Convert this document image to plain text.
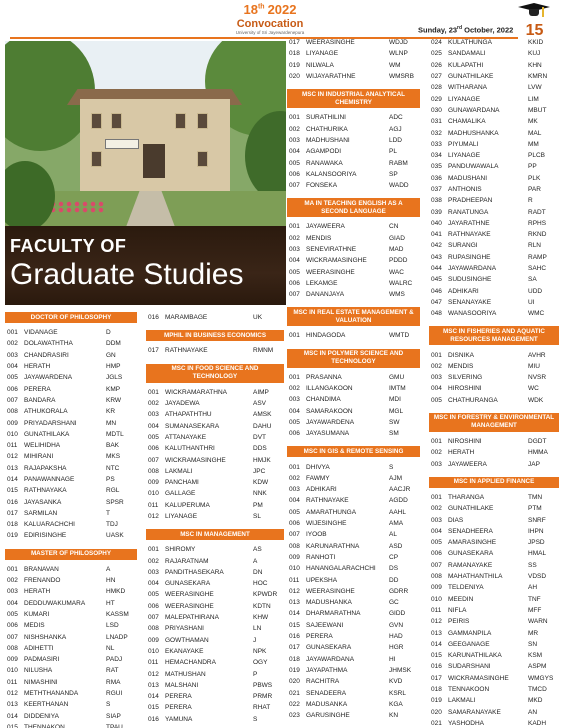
18th 2022
Convocation
University of Sri Jayewardenepura	Sunday, 23rd October, 2022 15
FACULTY OF
Graduate Studies
DOCTOR OF PHILOSOPHY
001 VIDANAGE	D
002 DOLAWATHTHA	DDM
003 CHANDRASIRI	GN
004 HERATH	HMP
005 JAYAWARDENA	JGLS
006 PERERA	KMP
007 BANDARA	KRW
008 ATHUKORALA	KR
009 PRIYADARSHANI	MN
010 GUNATHILAKA	MDTL
011	WELIHIDHA	BAK
012 MIHIRANI	MKS
013 RAJAPAKSHA	NTC
014 PANAWANNAGE	PS
015 RATHNAYAKA	RGL
016 JAYASANKA	SPSR
017 SARMILAN	T
018 KALUARACHCHI	TDJ
019 EDIRISINGHE	UASK
MASTER OF PHILOSOPHY
001 BRANAVAN	A
002 FRENANDO	HN
003 HERATH	HMKD
004 DEDDUWAKUMARA	HT
005 KUMARI	KASSM
006 MEDIS	LSD
007 NISHSHANKA	LNADP
008 ADIHETTI	NL
009 PADMASIRI	PADJ
010 NILUSHA	RAT
011	NIMASHINI	RMA
012 METHTHANANDA	RGUI
013 KEERTHANAN	S
014 DIDDENIYA	SIAP
015 THENNAKON	TPAU
016 MARAMBAGE	UK
MPHIL IN BUSINESS ECONOMICS
017 RATHNAYAKE	RMNM
MSC IN FOOD SCIENCE AND TECHNOLOGY
001 WICKRAMARATHNA	AIMP
002 JAYADEWA	ASV
003 ATHAPATHTHU	AMSK
004 SUMANASEKARA	DAHU
005 ATTANAYAKE	DVT
006 KALUTHANTHRI	DDS
007 WICKRAMASINGHE	HMJK
008 LAKMALI	JPC
009 PANCHAMI	KDW
010 GALLAGE	NNK
011	KALUPERUMA	PM
012 LIYANAGE	SL
MSC IN MANAGEMENT
001 SHIROMY	AS
002 RAJARATNAM	A
003 PANDITHASEKARA	DN
004 GUNASEKARA	HOC
005 WEERASINGHE	KPWDR
006 WEERASINGHE	KDTN
007 MALEPATHIRANA	KHW
008 PRIYASHANI	LN
009 GOWTHAMAN	J
010 EKANAYAKE	NPK
011	HEMACHANDRA	OGY
012 MATHUSHAN	P
013 MALSHANI	PBWS
014 PERERA	PRMR
015 PERERA	RHAT
016 YAMUNA	S
017 WEERASINGHE	WDJD
018 LIYANAGE	WLNP
019 NILWALA	WM
020 WIJAYARATHNE	WMSRB
MSC IN INDUSTRIAL ANALYTICAL CHEMISTRY
001 SURATHILINI	ADC
002 CHATHURIKA	AGJ
003 MADHUSHANI	LDD
004 AGAMPODI	PL
005 RANAWAKA	RABM
006 KALANSOORIYA	SP
007 FONSEKA	WADD
MA IN TEACHING ENGLISH AS A SECOND LANGUAGE
001 JAYAWEERA	CN
002 MENDIS	GIAD
003 SENEVIRATHNE	MAD
004 WICKRAMASINGHE	PDDD
005 WEERASINGHE	WAC
006 LEKAMGE	WALRC
007 DANANJAYA	WMS
MSC IN REAL ESTATE MANAGEMENT & VALUATION
001 HINDAGODA	WMTD
MSC IN POLYMER SCIENCE AND TECHNOLOGY
001 PRASANNA	GMU
002 ILLANGAKOON	IMTM
003 CHANDIMA	MDI
004 SAMARAKOON	MGL
005 JAYAWARDENA	SW
006 JAYASUMANA	SM
MSC IN GIS & REMOTE SENSING
001 DHIVYA	S
002 FAWMY	AJM
003 ADHIKARI	AACJR
004 RATHNAYAKE	AGDD
005 AMARATHUNGA	AAHL
006 WIJESINGHE	AMA
007 IYOOB	AL
008 KARUNARATHNA	ASD
009 RANHOTI	CP
010 HANANGALARACHCHI	DS
011	UPEKSHA	DD
012 WEERASINGHE	GDRR
013 MADUSHANKA	GC
014 DHARMARATHNA	GIDD
015 SAJEEWANI	GVN
016 PERERA	HAD
017 GUNASEKARA	HGR
018 JAYAWARDANA	HI
019 JAYAPATHMA	JHMSK
020 RACHITRA	KVD
021 SENADEERA	KSRL
022 MADUSANKA	KGA
023 GARUSINGHE	KN
024 KULATHUNGA	KKID
025 SANDAMALI	KUJ
026 KULAPATHI	KHN
027 GUNATHILAKE	KMRN
028 WITHARANA	LVW
029 LIYANAGE	LIM
030 GUNAWARDANA	MBUT
031 CHAMALIKA	MK
032 MADHUSHANKA	MAL
033 PIYUMALI	MM
034 LIYANAGE	PLCB
035 PANDUWAWALA	PP
036 MADUSHANI	PLK
037 ANTHONIS	PAR
038 PRADHEEPAN	R
039 RANATUNGA	RADT
040 JAYARATHNE	RPHS
041 RATHNAYAKE	RKND
042 SURANGI	RLN
043 RUPASINGHE	RAMP
044 JAYAWARDANA	SAHC
045 SUDUSINGHE	SA
046 ADHIKARI	UDD
047 SENANAYAKE	UI
048 WANASOORIYA	WMC
MSC IN FISHERIES AND AQUATIC RESOURCES MANAGEMENT
001 DISNIKA	AVHR
002 MENDIS	MIU
003 SILVERING	NVSR
004 HIROSHINI	WC
005 CHATHURANGA	WDK
MSC IN FORESTRY & ENVIRONMENTAL MANAGEMENT
001 NIROSHINI	DGDT
002 HERATH	HMMA
003 JAYAWEERA	JAP
MSC IN APPLIED FINANCE
001 THARANGA	TMN
002 GUNATHILAKE	PTM
003 DIAS	SNRF
004 SENADHEERA	IHPN
005 AMARASINGHE	JPSD
006 GUNASEKARA	HMAL
007 RAMANAYAKE	SS
008 MAHATHANTHILA	VDSD
009 TELDENIYA	AH
010 MEEDIN	TNF
011	NIFLA	MFF
012 PEIRIS	WARN
013 GAMMANPILA	MR
014 GEEGANAGE	SN
015 KARUNATHILAKA	KSM
016 SUDARSHANI	ASPM
017 WICKRAMASINGHE	WMGYS
018 TENNAKOON	TMCD
019 LAKMALI	MKD
020 SAMARANAYAKE	AN
021 YASHODHA	KADH
